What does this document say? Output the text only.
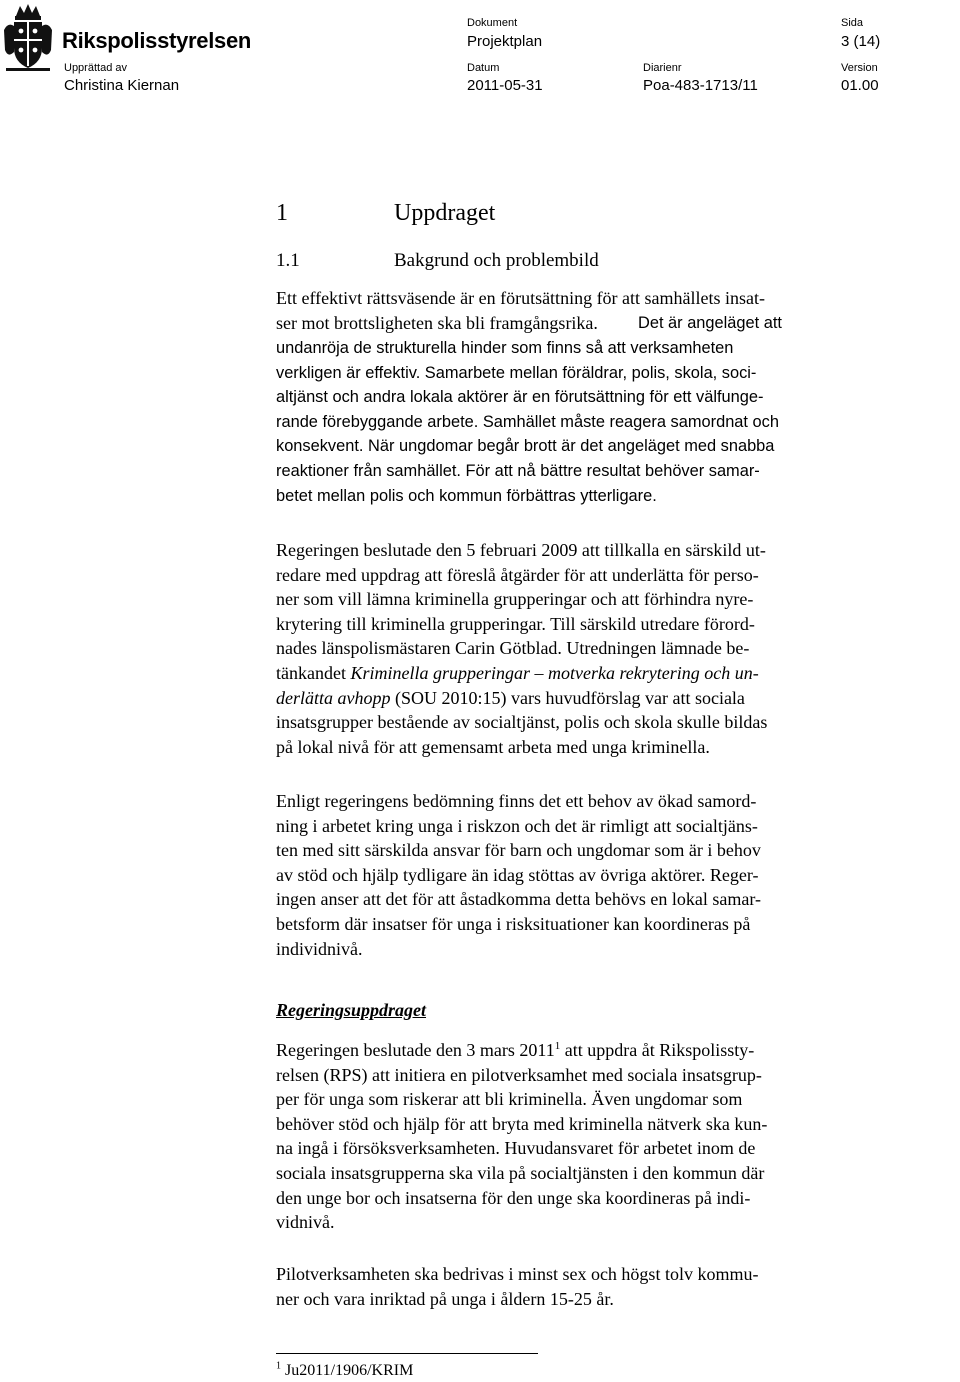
Rikspolisstyrelsen
Dokument
Projektplan
Sida
3 (14)
Upprättad av
Christina Kiernan
Datum
2011-05-31
Diarienr
Poa-483-1713/11
Version
01.00
1	Uppdraget
1.1	Bakgrund och problembild
Ett effektivt rättsväsende är en förutsättning för att samhällets insat-
ser mot brottsligheten ska bli framgångsrika.	Det är angeläget att
undanröja de strukturella hinder som finns så att verksamheten
verkligen är effektiv. Samarbete mellan föräldrar, polis, skola, soci-
altjänst och andra lokala aktörer är en förutsättning för ett välfunge-
rande förebyggande arbete. Samhället måste reagera samordnat och
konsekvent. När ungdomar begår brott är det angeläget med snabba
reaktioner från samhället. För att nå bättre resultat behöver samar-
betet mellan polis och kommun förbättras ytterligare.
Regeringen beslutade den 5 februari 2009 att tillkalla en särskild ut-
redare med uppdrag att föreslå åtgärder för att underlätta för perso-
ner som vill lämna kriminella grupperingar och att förhindra nyre-
krytering till kriminella grupperingar. Till särskild utredare förord-
nades länspolismästaren Carin Götblad. Utredningen lämnade be-
tänkandet Kriminella grupperingar – motverka rekrytering och un-
derlätta avhopp (SOU 2010:15) vars huvudförslag var att sociala
insatsgrupper bestående av socialtjänst, polis och skola skulle bildas
på lokal nivå för att gemensamt arbeta med unga kriminella.
Enligt regeringens bedömning finns det ett behov av ökad samord-
ning i arbetet kring unga i riskzon och det är rimligt att socialtjäns-
ten med sitt särskilda ansvar för barn och ungdomar som är i behov
av stöd och hjälp tydligare än idag stöttas av övriga aktörer. Reger-
ingen anser att det för att åstadkomma detta behövs en lokal samar-
betsform där insatser för unga i risksituationer kan koordineras på
individnivå.
Regeringsuppdraget
Regeringen beslutade den 3 mars 2011$^1$ att uppdra åt Rikspolissty-
relsen (RPS) att initiera en pilotverksamhet med sociala insatsgrup-
per för unga som riskerar att bli kriminella. Även ungdomar som
behöver stöd och hjälp för att bryta med kriminella nätverk ska kun-
na ingå i försöksverksamheten. Huvudansvaret för arbetet inom de
sociala insatsgrupperna ska vila på socialtjänsten i den kommun där
den unge bor och insatserna för den unge ska koordineras på indi-
vidnivå.
Pilotverksamheten ska bedrivas i minst sex och högst tolv kommu-
ner och vara inriktad på unga i åldern 15-25 år.
$^1$ Ju2011/1906/KRIM
